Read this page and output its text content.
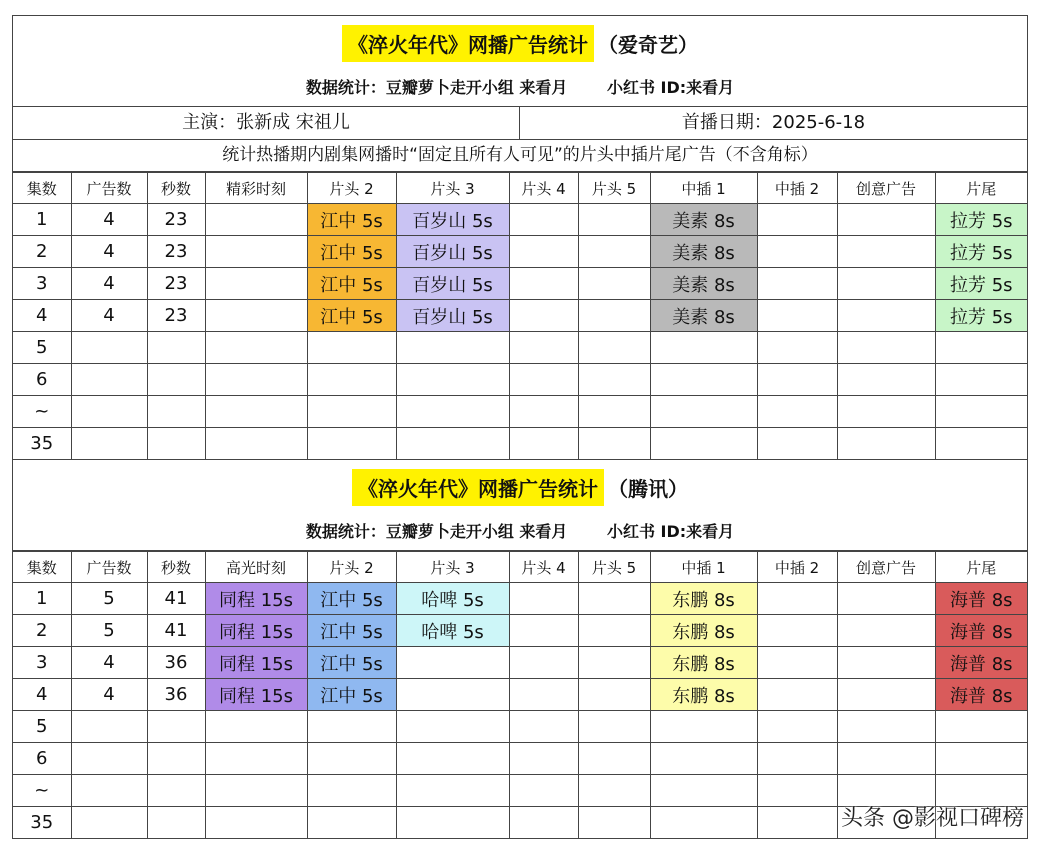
《淬火年代》网播广告统计 （爱奇艺）
数据统计：豆瓣萝卜走开小组 来看月 小红书 ID:来看月
主演：张新成 宋祖儿	首播日期：2025-6-18
统计热播期内剧集网播时“固定且所有人可见”的片头中插片尾广告（不含角标）
集数	广告数	秒数	精彩时刻	片头 2	片头 3	片头 4	片头 5	中插 1	中插 2	创意广告	片尾
1	4	23		江中 5s	百岁山 5s			美素 8s			拉芳 5s
2	4	23		江中 5s	百岁山 5s			美素 8s			拉芳 5s
3	4	23		江中 5s	百岁山 5s			美素 8s			拉芳 5s
4	4	23		江中 5s	百岁山 5s			美素 8s			拉芳 5s
5											
6											
~											
35											
《淬火年代》网播广告统计 （腾讯）
数据统计：豆瓣萝卜走开小组 来看月 小红书 ID:来看月
集数	广告数	秒数	高光时刻	片头 2	片头 3	片头 4	片头 5	中插 1	中插 2	创意广告	片尾
1	5	41	同程 15s	江中 5s	哈啤 5s			东鹏 8s			海普 8s
2	5	41	同程 15s	江中 5s	哈啤 5s			东鹏 8s			海普 8s
3	4	36	同程 15s	江中 5s				东鹏 8s			海普 8s
4	4	36	同程 15s	江中 5s				东鹏 8s			海普 8s
5											
6											
~											
35												头条 @影视口碑榜
